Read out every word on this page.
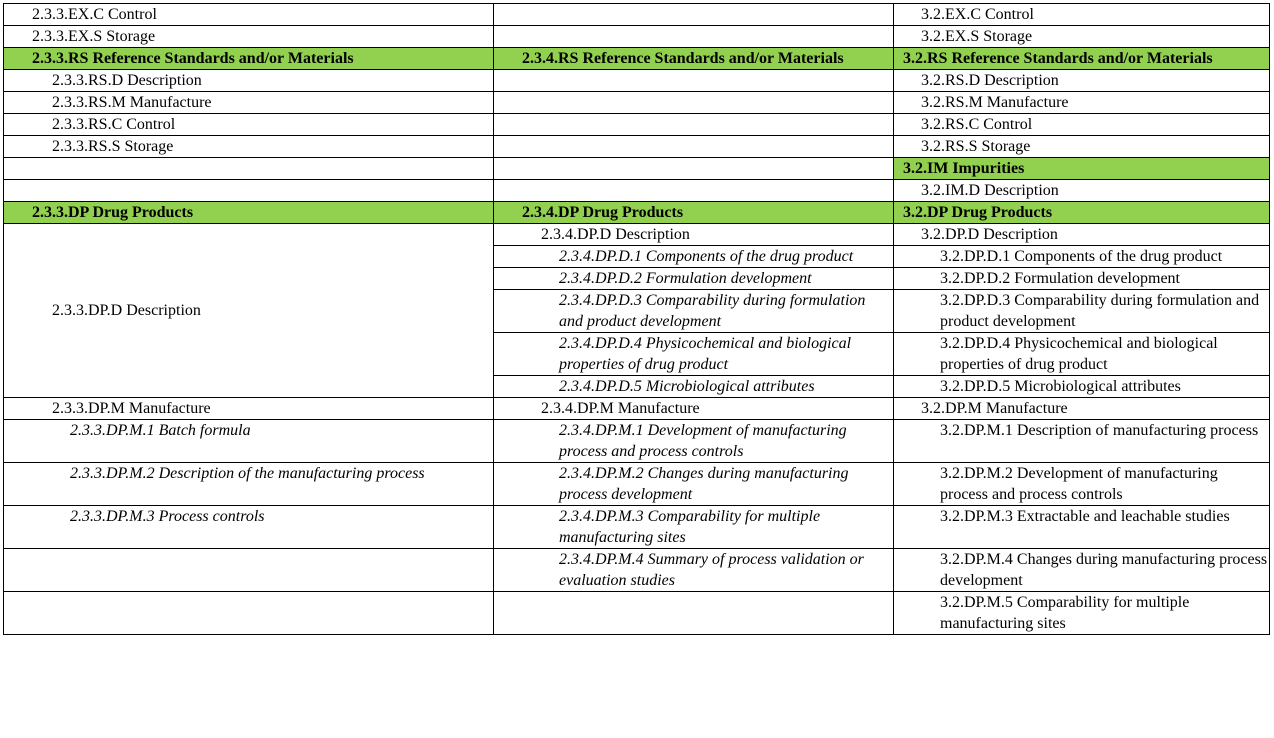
2.3.3.EX.C Control		3.2.EX.C Control
2.3.3.EX.S Storage		3.2.EX.S Storage
2.3.3.RS Reference Standards and/or Materials	2.3.4.RS Reference Standards and/or Materials	3.2.RS Reference Standards and/or Materials
2.3.3.RS.D Description		3.2.RS.D Description
2.3.3.RS.M Manufacture		3.2.RS.M Manufacture
2.3.3.RS.C Control		3.2.RS.C Control
2.3.3.RS.S Storage		3.2.RS.S Storage
		3.2.IM Impurities
		3.2.IM.D Description
2.3.3.DP Drug Products	2.3.4.DP Drug Products	3.2.DP Drug Products
2.3.3.DP.D Description	2.3.4.DP.D Description	3.2.DP.D Description
	2.3.4.DP.D.1 Components of the drug product	3.2.DP.D.1 Components of the drug product
	2.3.4.DP.D.2 Formulation development	3.2.DP.D.2 Formulation development
	2.3.4.DP.D.3 Comparability during formulation and product development	3.2.DP.D.3 Comparability during formulation and product development
	2.3.4.DP.D.4 Physicochemical and biological properties of drug product	3.2.DP.D.4 Physicochemical and biological properties of drug product
	2.3.4.DP.D.5 Microbiological attributes	3.2.DP.D.5 Microbiological attributes
2.3.3.DP.M Manufacture	2.3.4.DP.M Manufacture	3.2.DP.M Manufacture
2.3.3.DP.M.1 Batch formula	2.3.4.DP.M.1 Development of manufacturing process and process controls	3.2.DP.M.1 Description of manufacturing process
2.3.3.DP.M.2 Description of the manufacturing process	2.3.4.DP.M.2 Changes during manufacturing process development	3.2.DP.M.2 Development of manufacturing process and process controls
2.3.3.DP.M.3 Process controls	2.3.4.DP.M.3 Comparability for multiple manufacturing sites	3.2.DP.M.3 Extractable and leachable studies
	2.3.4.DP.M.4 Summary of process validation or evaluation studies	3.2.DP.M.4 Changes during manufacturing process development
		3.2.DP.M.5 Comparability for multiple manufacturing sites
